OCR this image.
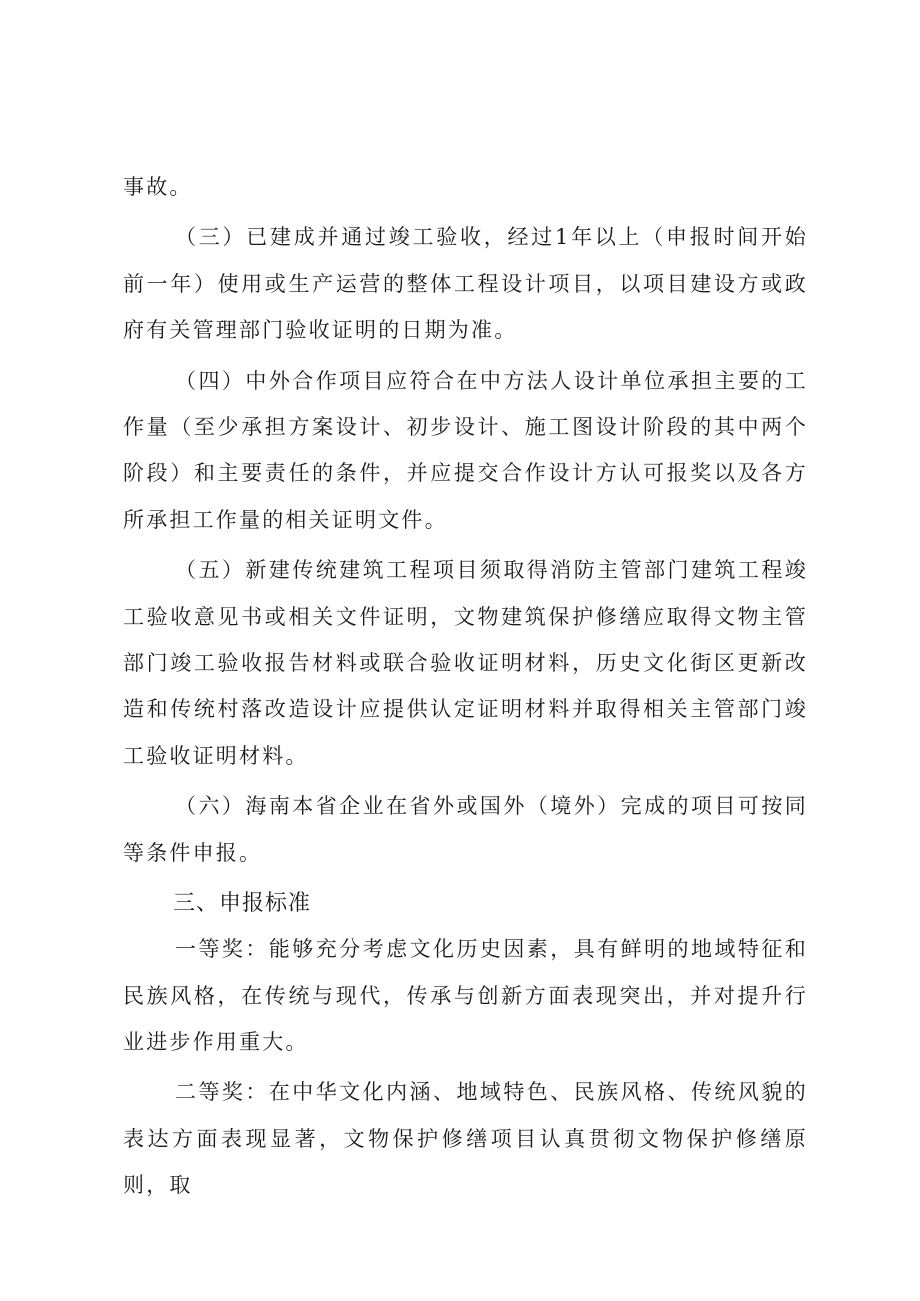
事故。

（三）已建成并通过竣工验收，经过1年以上（申报时间开始前一年）使用或生产运营的整体工程设计项目，以项目建设方或政府有关管理部门验收证明的日期为准。

（四）中外合作项目应符合在中方法人设计单位承担主要的工作量（至少承担方案设计、初步设计、施工图设计阶段的其中两个阶段）和主要责任的条件，并应提交合作设计方认可报奖以及各方所承担工作量的相关证明文件。

（五）新建传统建筑工程项目须取得消防主管部门建筑工程竣工验收意见书或相关文件证明，文物建筑保护修缮应取得文物主管部门竣工验收报告材料或联合验收证明材料，历史文化街区更新改造和传统村落改造设计应提供认定证明材料并取得相关主管部门竣工验收证明材料。

（六）海南本省企业在省外或国外（境外）完成的项目可按同等条件申报。

三、申报标准

一等奖：能够充分考虑文化历史因素，具有鲜明的地域特征和民族风格，在传统与现代，传承与创新方面表现突出，并对提升行业进步作用重大。

二等奖：在中华文化内涵、地域特色、民族风格、传统风貌的表达方面表现显著，文物保护修缮项目认真贯彻文物保护修缮原则，取
